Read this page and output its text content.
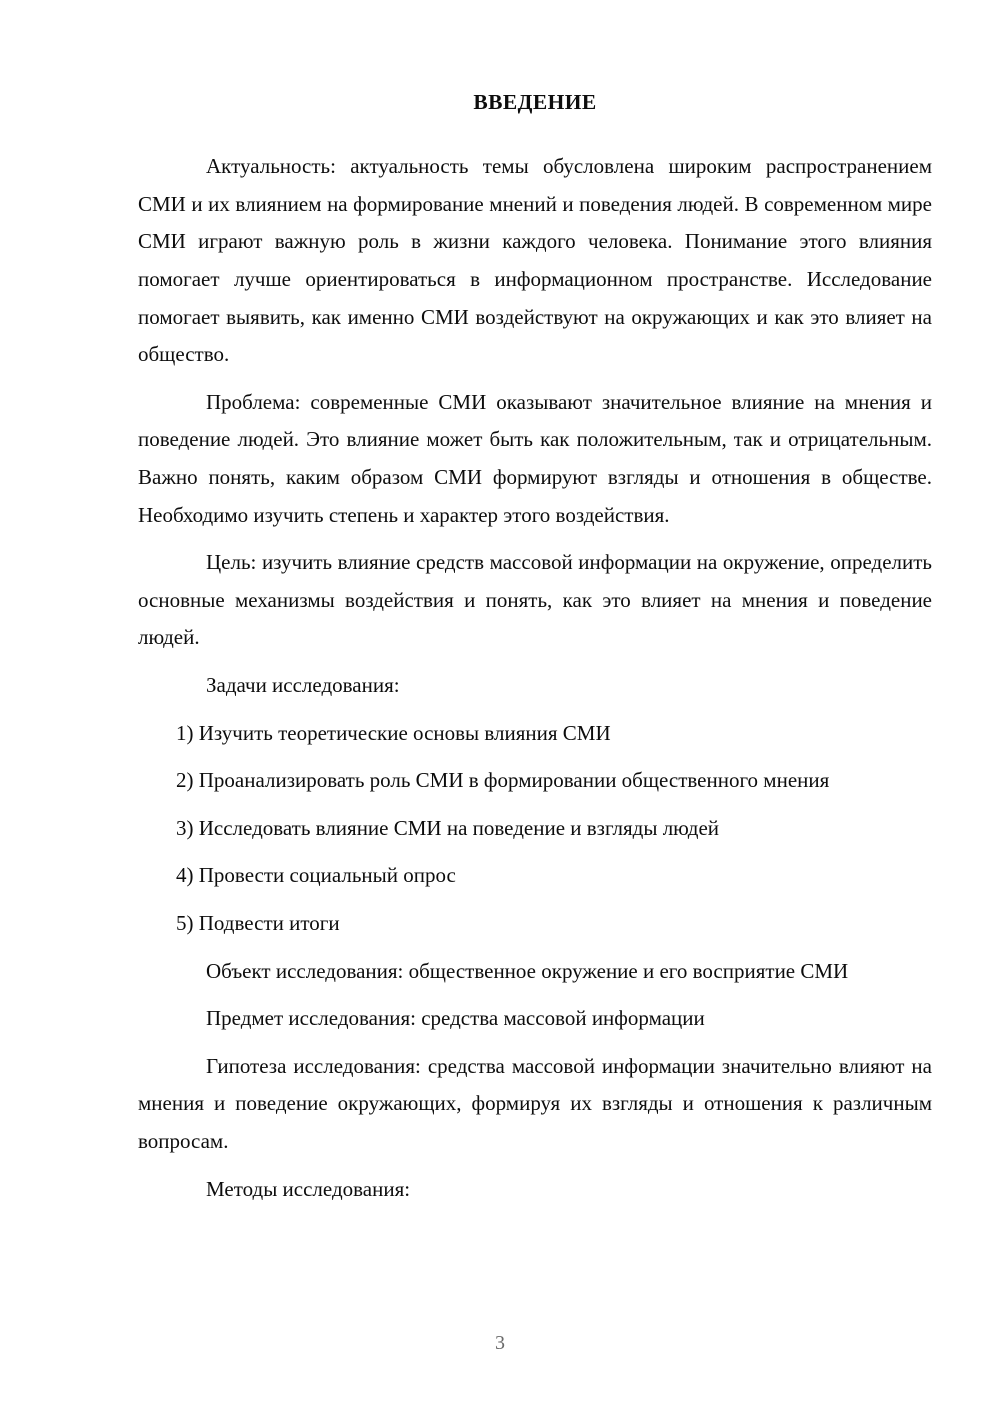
ВВЕДЕНИЕ

Актуальность: актуальность темы обусловлена широким распространением СМИ и их влиянием на формирование мнений и поведения людей. В современном мире СМИ играют важную роль в жизни каждого человека. Понимание этого влияния помогает лучше ориентироваться в информационном пространстве. Исследование помогает выявить, как именно СМИ воздействуют на окружающих и как это влияет на общество.

Проблема: современные СМИ оказывают значительное влияние на мнения и поведение людей. Это влияние может быть как положительным, так и отрицательным. Важно понять, каким образом СМИ формируют взгляды и отношения в обществе. Необходимо изучить степень и характер этого воздействия.

Цель: изучить влияние средств массовой информации на окружение, определить основные механизмы воздействия и понять, как это влияет на мнения и поведение людей.

Задачи исследования:

1) Изучить теоретические основы влияния СМИ

2) Проанализировать роль СМИ в формировании общественного мнения

3) Исследовать влияние СМИ на поведение и взгляды людей

4) Провести социальный опрос

5) Подвести итоги

Объект исследования: общественное окружение и его восприятие СМИ

Предмет исследования: средства массовой информации

Гипотеза исследования: средства массовой информации значительно влияют на мнения и поведение окружающих, формируя их взгляды и отношения к различным вопросам.

Методы исследования:

3
